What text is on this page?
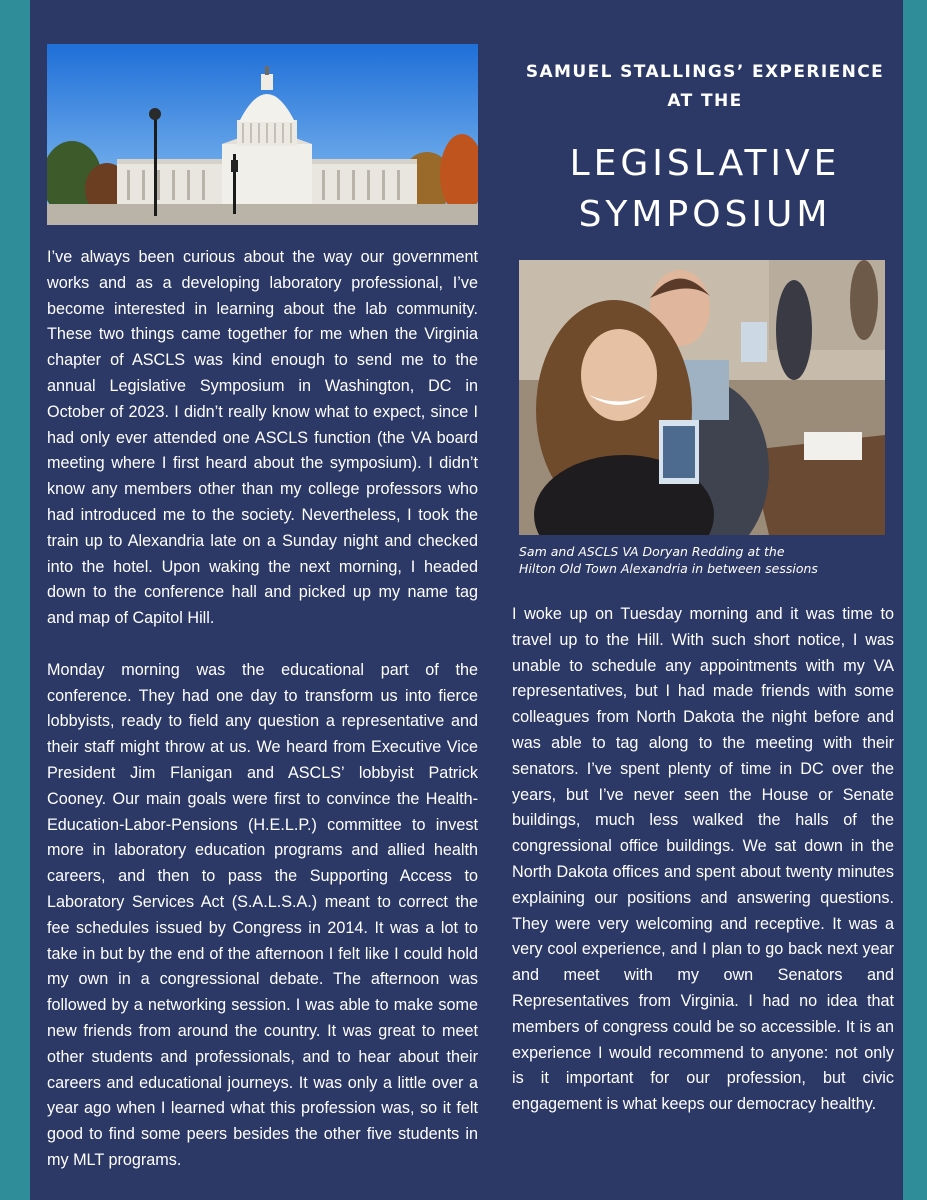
SAMUEL STALLINGS’ EXPERIENCE

AT THE

LEGISLATIVE
SYMPOSIUM

Sam and ASCLS VA Doryan Redding at the
Hilton Old Town Alexandria in between sessions

I’ve always been curious about the way our government works and as a developing laboratory professional, I’ve become interested in learning about the lab community. These two things came together for me when the Virginia chapter of ASCLS was kind enough to send me to the annual Legislative Symposium in Washington, DC in October of 2023. I didn’t really know what to expect, since I had only ever attended one ASCLS function (the VA board meeting where I first heard about the symposium). I didn’t know any members other than my college professors who had introduced me to the society. Nevertheless, I took the train up to Alexandria late on a Sunday night and checked into the hotel. Upon waking the next morning, I headed down to the conference hall and picked up my name tag and map of Capitol Hill.

Monday morning was the educational part of the conference. They had one day to transform us into fierce lobbyists, ready to field any question a representative and their staff might throw at us. We heard from Executive Vice President Jim Flanigan and ASCLS’ lobbyist Patrick Cooney. Our main goals were first to convince the Health-Education-Labor-Pensions (H.E.L.P.) committee to invest more in laboratory education programs and allied health careers, and then to pass the Supporting Access to Laboratory Services Act (S.A.L.S.A.) meant to correct the fee schedules issued by Congress in 2014. It was a lot to take in but by the end of the afternoon I felt like I could hold my own in a congressional debate. The afternoon was followed by a networking session. I was able to make some new friends from around the country. It was great to meet other students and professionals, and to hear about their careers and educational journeys. It was only a little over a year ago when I learned what this profession was, so it felt good to find some peers besides the other five students in my MLT programs.

I woke up on Tuesday morning and it was time to travel up to the Hill. With such short notice, I was unable to schedule any appointments with my VA representatives, but I had made friends with some colleagues from North Dakota the night before and was able to tag along to the meeting with their senators. I’ve spent plenty of time in DC over the years, but I’ve never seen the House or Senate buildings, much less walked the halls of the congressional office buildings. We sat down in the North Dakota offices and spent about twenty minutes explaining our positions and answering questions. They were very welcoming and receptive. It was a very cool experience, and I plan to go back next year and meet with my own Senators and Representatives from Virginia. I had no idea that members of congress could be so accessible. It is an experience I would recommend to anyone: not only is it important for our profession, but civic engagement is what keeps our democracy healthy.
